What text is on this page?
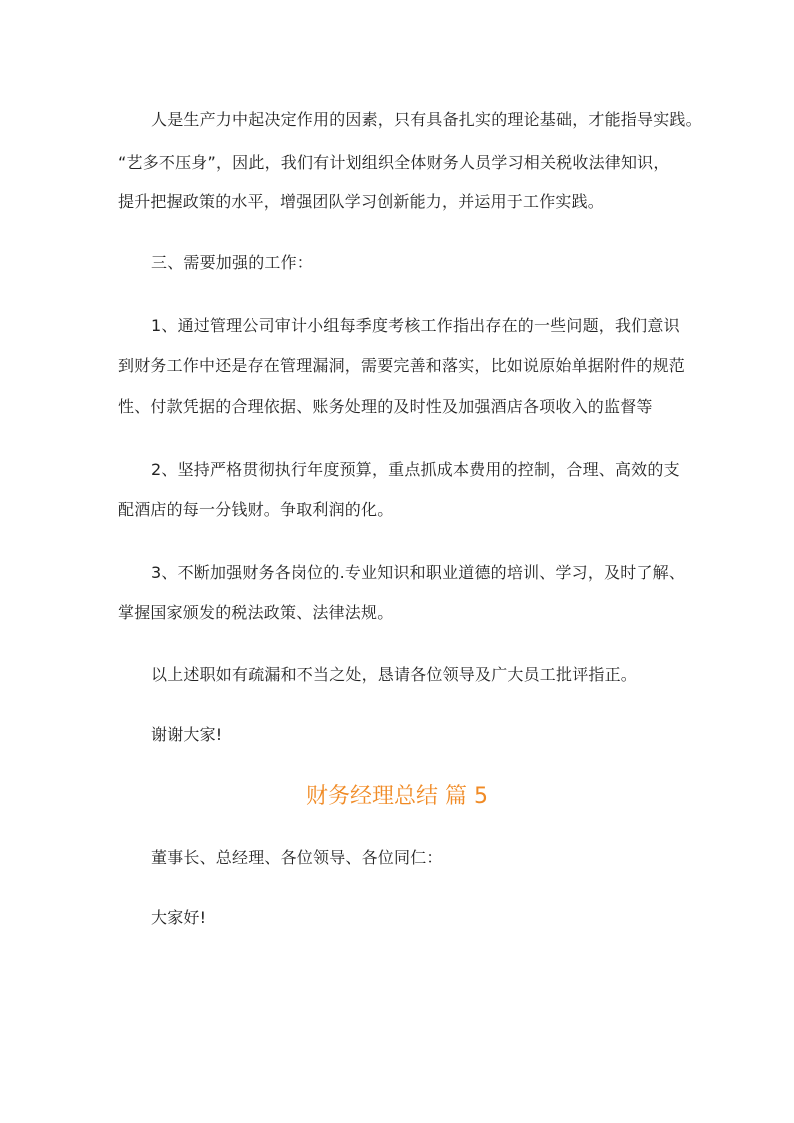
人是生产力中起决定作用的因素，只有具备扎实的理论基础，才能指导实践。
“艺多不压身”，因此，我们有计划组织全体财务人员学习相关税收法律知识，
提升把握政策的水平，增强团队学习创新能力，并运用于工作实践。
三、需要加强的工作：
1、通过管理公司审计小组每季度考核工作指出存在的一些问题，我们意识
到财务工作中还是存在管理漏洞，需要完善和落实，比如说原始单据附件的规范
性、付款凭据的合理依据、账务处理的及时性及加强酒店各项收入的监督等
2、坚持严格贯彻执行年度预算，重点抓成本费用的控制，合理、高效的支
配酒店的每一分钱财。争取利润的化。
3、不断加强财务各岗位的.专业知识和职业道德的培训、学习，及时了解、
掌握国家颁发的税法政策、法律法规。
以上述职如有疏漏和不当之处，恳请各位领导及广大员工批评指正。
谢谢大家!
财务经理总结 篇 5
董事长、总经理、各位领导、各位同仁：
大家好!
